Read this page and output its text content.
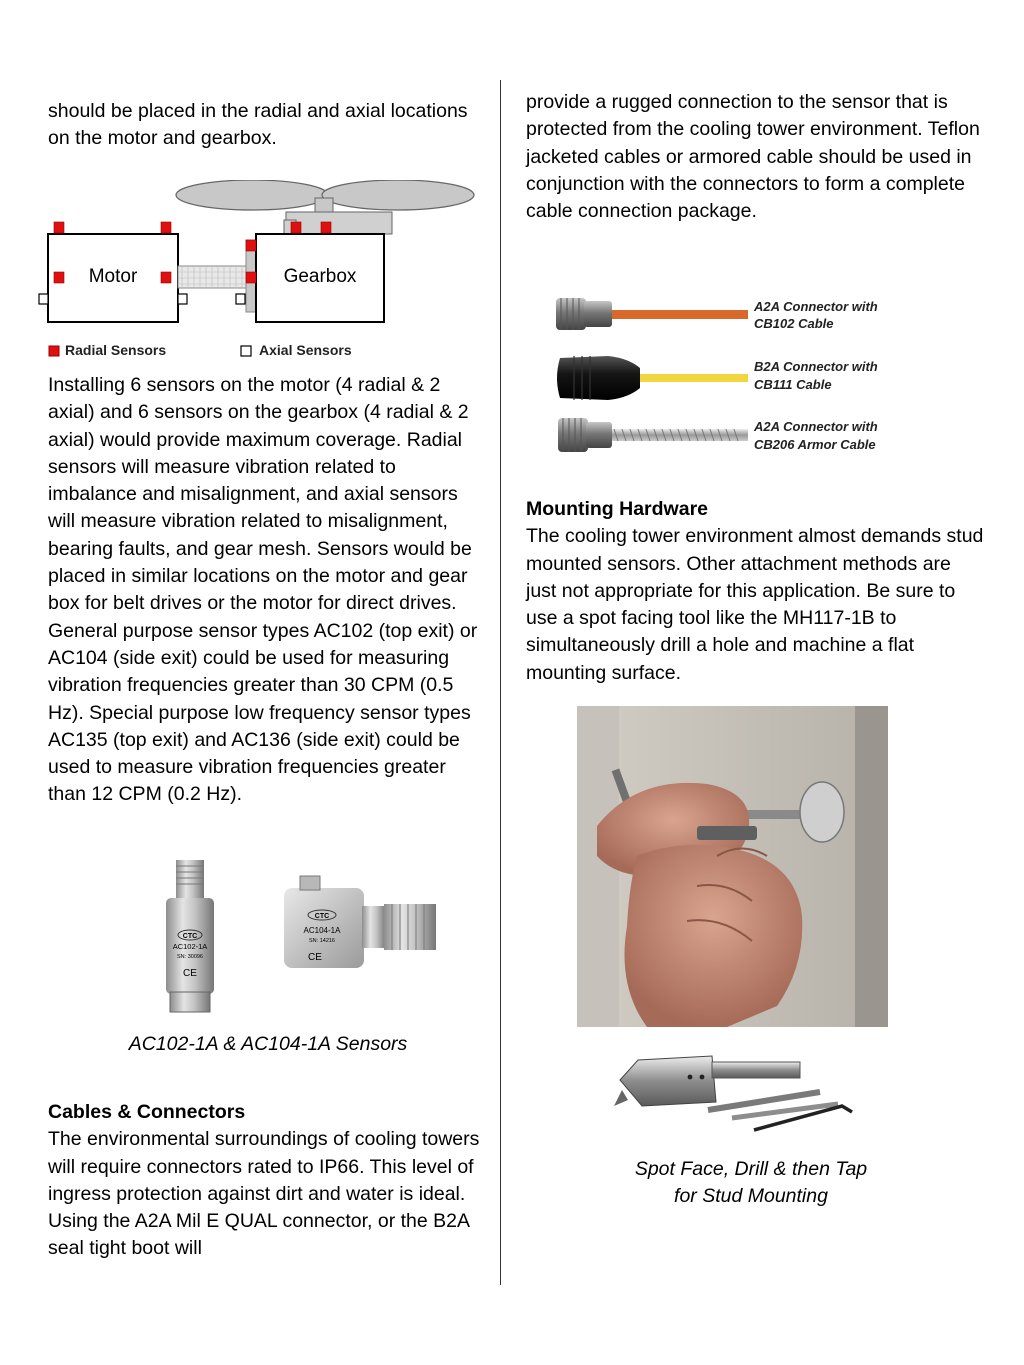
should be placed in the radial and axial locations on the motor and gearbox.

Motor	Gearbox
Radial Sensors	Axial Sensors

Installing 6 sensors on the motor (4 radial & 2 axial) and 6 sensors on the gearbox (4 radial & 2 axial) would provide maximum coverage. Radial sensors will measure vibration related to imbalance and misalignment, and axial sensors will measure vibration related to misalignment, bearing faults, and gear mesh. Sensors would be placed in similar locations on the motor and gear box for belt drives or the motor for direct drives.

General purpose sensor types AC102 (top exit) or AC104 (side exit) could be used for measuring vibration frequencies greater than 30 CPM (0.5 Hz). Special purpose low frequency sensor types AC135 (top exit) and AC136 (side exit) could be used to measure vibration frequencies greater than 12 CPM (0.2 Hz).

CTC
AC102-1A
SN: 30096
CE
CTC
AC104-1A
SN: 14216
CE
AC102-1A & AC104-1A Sensors

Cables & Connectors

The environmental surroundings of cooling towers will require connectors rated to IP66. This level of ingress protection against dirt and water is ideal. Using the A2A Mil E QUAL connector, or the B2A seal tight boot will

provide a rugged connection to the sensor that is protected from the cooling tower environment. Teflon jacketed cables or armored cable should be used in conjunction with the connectors to form a complete cable connection package.

A2A Connector with
CB102 Cable
B2A Connector with
CB111 Cable
A2A Connector with
CB206 Armor Cable

Mounting Hardware

The cooling tower environment almost demands stud mounted sensors. Other attachment methods are just not appropriate for this application. Be sure to use a spot facing tool like the MH117-1B to simultaneously drill a hole and machine a flat mounting surface.

Spot Face, Drill & then Tap
for Stud Mounting
